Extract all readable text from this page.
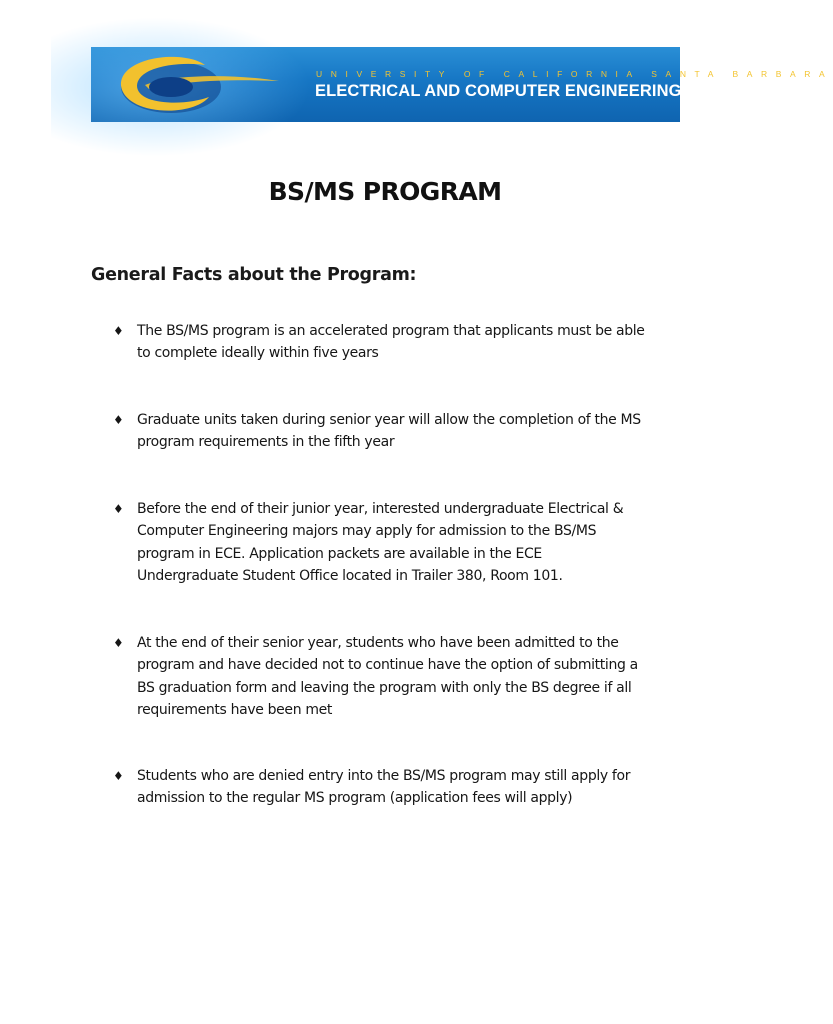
UNIVERSITY OF CALIFORNIA SANTA BARBARA
ELECTRICAL AND COMPUTER ENGINEERING
BS/MS PROGRAM
General Facts about the Program:
♦ The BS/MS program is an accelerated program that applicants must be able
to complete ideally within five years
♦ Graduate units taken during senior year will allow the completion of the MS
program requirements in the fifth year
♦ Before the end of their junior year, interested undergraduate Electrical &
Computer Engineering majors may apply for admission to the BS/MS
program in ECE. Application packets are available in the ECE
Undergraduate Student Office located in Trailer 380, Room 101.
♦ At the end of their senior year, students who have been admitted to the
program and have decided not to continue have the option of submitting a
BS graduation form and leaving the program with only the BS degree if all
requirements have been met
♦ Students who are denied entry into the BS/MS program may still apply for
admission to the regular MS program (application fees will apply)
